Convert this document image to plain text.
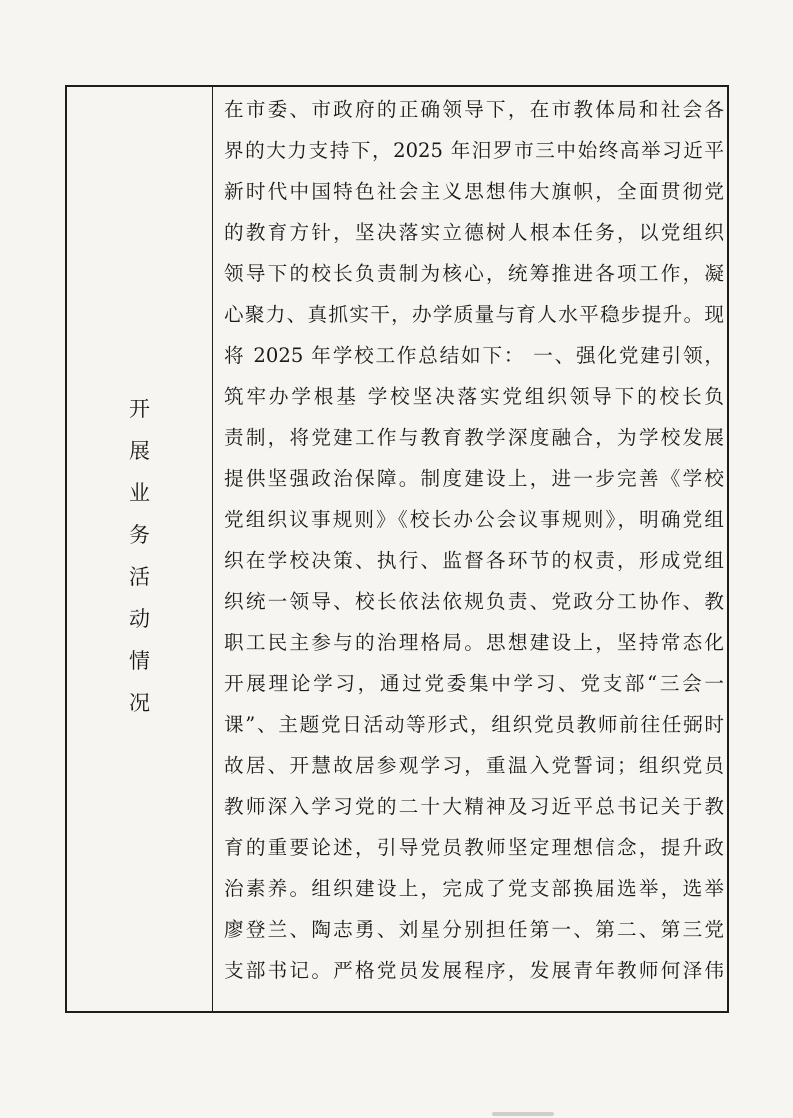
开
展
业
务
活
动
情
况
在市委、市政府的正确领导下，在市教体局和社会各
界的大力支持下，2025 年汨罗市三中始终高举习近平
新时代中国特色社会主义思想伟大旗帜，全面贯彻党
的教育方针，坚决落实立德树人根本任务，以党组织
领导下的校长负责制为核心，统筹推进各项工作，凝
心聚力、真抓实干，办学质量与育人水平稳步提升。现
将 2025 年学校工作总结如下： 一、强化党建引领，
筑牢办学根基 学校坚决落实党组织领导下的校长负
责制，将党建工作与教育教学深度融合，为学校发展
提供坚强政治保障。制度建设上，进一步完善《学校
党组织议事规则》《校长办公会议事规则》，明确党组
织在学校决策、执行、监督各环节的权责，形成党组
织统一领导、校长依法依规负责、党政分工协作、教
职工民主参与的治理格局。思想建设上，坚持常态化
开展理论学习，通过党委集中学习、党支部“三会一
课”、主题党日活动等形式，组织党员教师前往任弼时
故居、开慧故居参观学习，重温入党誓词；组织党员
教师深入学习党的二十大精神及习近平总书记关于教
育的重要论述，引导党员教师坚定理想信念，提升政
治素养。组织建设上，完成了党支部换届选举，选举
廖登兰、陶志勇、刘星分别担任第一、第二、第三党
支部书记。严格党员发展程序，发展青年教师何泽伟
